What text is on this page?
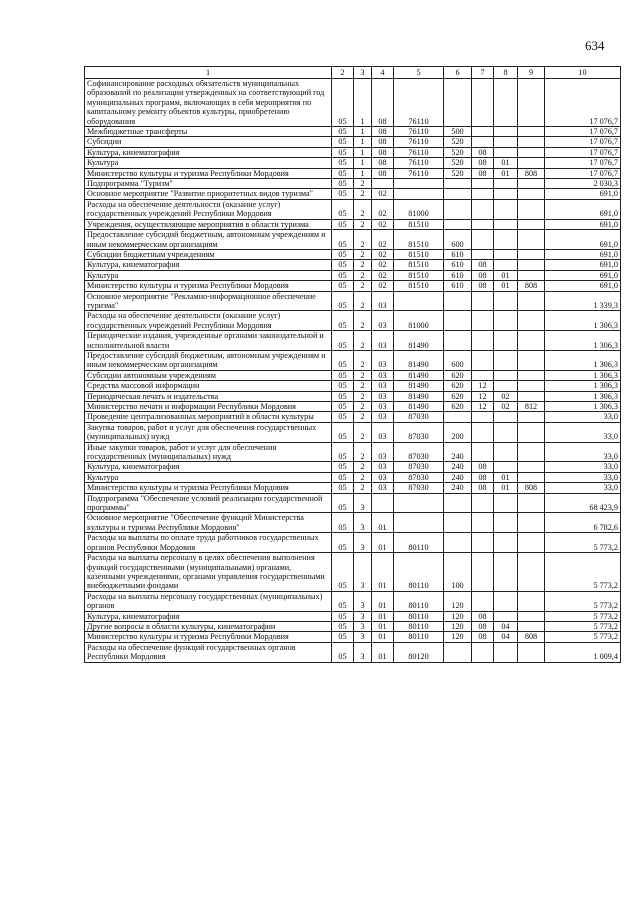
634
1	2	3	4	5	6	7	8	9	10
Софинансирование расходных обязательств муниципальных образований по реализации утвержденных на соответствующий год муниципальных программ, включающих в себя мероприятия по капитальному ремонту объектов культуры, приобретению оборудования	05	1	08	76110					17 076,7
Межбюджетные трансферты	05	1	08	76110	500				17 076,7
Субсидии	05	1	08	76110	520				17 076,7
Культура, кинематография	05	1	08	76110	520	08			17 076,7
Культура	05	1	08	76110	520	08	01		17 076,7
Министерство культуры и туризма Республики Мордовия	05	1	08	76110	520	08	01	808	17 076,7
Подпрограмма "Туризм"	05	2							2 030,3
Основное мероприятие "Развитие приоритетных видов туризма"	05	2	02						691,0
Расходы на обеспечение деятельности (оказание услуг) государственных учреждений Республики Мордовия	05	2	02	81000					691,0
Учреждения, осуществляющие мероприятия в области туризма	05	2	02	81510					691,0
Предоставление субсидий бюджетным, автономным учреждениям и иным некоммерческим организациям	05	2	02	81510	600				691,0
Субсидии бюджетным учреждениям	05	2	02	81510	610				691,0
Культура, кинематография	05	2	02	81510	610	08			691,0
Культура	05	2	02	81510	610	08	01		691,0
Министерство культуры и туризма Республики Мордовия	05	2	02	81510	610	08	01	808	691,0
Основное мероприятие "Рекламно-информационное обеспечение туризма"	05	2	03						1 339,3
Расходы на обеспечение деятельности (оказание услуг) государственных учреждений Республики Мордовия	05	2	03	81000					1 306,3
Периодические издания, учрежденные органами законодательной и исполнительной власти	05	2	03	81490					1 306,3
Предоставление субсидий бюджетным, автономным учреждениям и иным некоммерческим организациям	05	2	03	81490	600				1 306,3
Субсидии автономным учреждениям	05	2	03	81490	620				1 306,3
Средства массовой информации	05	2	03	81490	620	12			1 306,3
Периодическая печать и издательства	05	2	03	81490	620	12	02		1 306,3
Министерство печати и информации Республики Мордовия	05	2	03	81490	620	12	02	812	1 306,3
Проведение централизованных мероприятий в области культуры	05	2	03	87030					33,0
Закупка товаров, работ и услуг для обеспечения государственных (муниципальных) нужд	05	2	03	87030	200				33,0
Иные закупки товаров, работ и услуг для обеспечения государственных (муниципальных) нужд	05	2	03	87030	240				33,0
Культура, кинематография	05	2	03	87030	240	08			33,0
Культура	05	2	03	87030	240	08	01		33,0
Министерство культуры и туризма Республики Мордовия	05	2	03	87030	240	08	01	808	33,0
Подпрограмма "Обеспечение условий реализации государственной программы"	05	3							68 423,9
Основное мероприятие "Обеспечение функций Министерства культуры и туризма Республики Мордовия"	05	3	01						6 782,6
Расходы на выплаты по оплате труда работников государственных органов Республики Мордовия	05	3	01	80110					5 773,2
Расходы на выплаты персоналу в целях обеспечения выполнения функций государственными (муниципальными) органами, казенными учреждениями, органами управления государственными внебюджетными фондами	05	3	01	80110	100				5 773,2
Расходы на выплаты персоналу государственных (муниципальных) органов	05	3	01	80110	120				5 773,2
Культура, кинематография	05	3	01	80110	120	08			5 773,2
Другие вопросы в области культуры, кинематографии	05	3	01	80110	120	08	04		5 773,2
Министерство культуры и туризма Республики Мордовия	05	3	01	80110	120	08	04	808	5 773,2
Расходы на обеспечение функций государственных органов Республики Мордовия	05	3	01	80120					1 009,4
